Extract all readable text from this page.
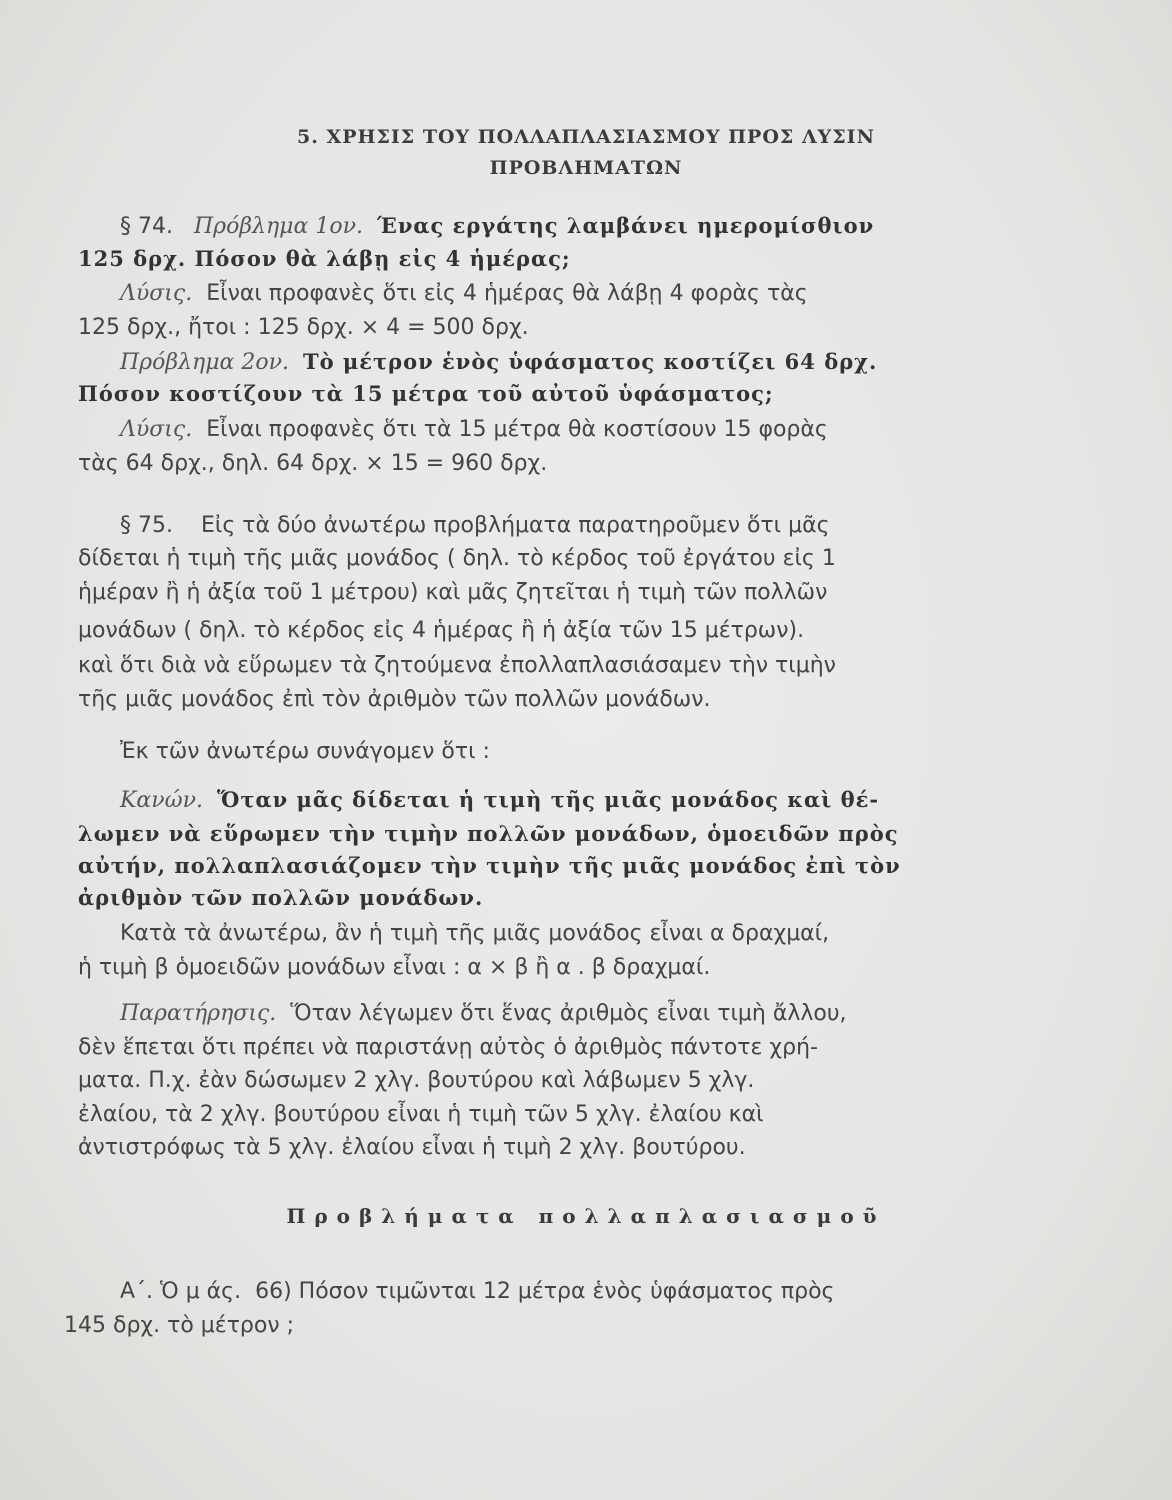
5. ΧΡΗΣΙΣ ΤΟΥ ΠΟΛΛΑΠΛΑΣΙΑΣΜΟΥ ΠΡΟΣ ΛΥΣΙΝ
ΠΡΟΒΛΗΜΑΤΩΝ
§ 74. Πρόβλημα 1ον. Ένας εργάτης λαμβάνει ημερομίσθιον
125 δρχ. Πόσον θὰ λάβῃ εἰς 4 ἡμέρας;
Λύσις. Εἶναι προφανὲς ὅτι εἰς 4 ἡμέρας θὰ λάβῃ 4 φορὰς τὰς
125 δρχ., ἤτοι : 125 δρχ. × 4 = 500 δρχ.
Πρόβλημα 2ον. Τὸ μέτρον ἑνὸς ὑφάσματος κοστίζει 64 δρχ.
Πόσον κοστίζουν τὰ 15 μέτρα τοῦ αὐτοῦ ὑφάσματος;
Λύσις. Εἶναι προφανὲς ὅτι τὰ 15 μέτρα θὰ κοστίσουν 15 φορὰς
τὰς 64 δρχ., δηλ. 64 δρχ. × 15 = 960 δρχ.
§ 75. Εἰς τὰ δύο ἀνωτέρω προβλήματα παρατηροῦμεν ὅτι μᾶς
δίδεται ἡ τιμὴ τῆς μιᾶς μονάδος ( δηλ. τὸ κέρδος τοῦ ἐργάτου εἰς 1
ἡμέραν ἢ ἡ ἀξία τοῦ 1 μέτρου) καὶ μᾶς ζητεῖται ἡ τιμὴ τῶν πολλῶν
μονάδων ( δηλ. τὸ κέρδος εἰς 4 ἡμέρας ἢ ἡ ἀξία τῶν 15 μέτρων).
καὶ ὅτι διὰ νὰ εὕρωμεν τὰ ζητούμενα ἐπολλαπλασιάσαμεν τὴν τιμὴν
τῆς μιᾶς μονάδος ἐπὶ τὸν ἀριθμὸν τῶν πολλῶν μονάδων.
Ἐκ τῶν ἀνωτέρω συνάγομεν ὅτι :
Κανών. Ὅταν μᾶς δίδεται ἡ τιμὴ τῆς μιᾶς μονάδος καὶ θέ-
λωμεν νὰ εὕρωμεν τὴν τιμὴν πολλῶν μονάδων, ὁμοειδῶν πρὸς
αὐτήν, πολλαπλασιάζομεν τὴν τιμὴν τῆς μιᾶς μονάδος ἐπὶ τὸν
ἀριθμὸν τῶν πολλῶν μονάδων.
Κατὰ τὰ ἀνωτέρω, ἂν ἡ τιμὴ τῆς μιᾶς μονάδος εἶναι α δραχμαί,
ἡ τιμὴ β ὁμοειδῶν μονάδων εἶναι : α × β ἢ α . β δραχμαί.
Παρατήρησις. Ὅταν λέγωμεν ὅτι ἕνας ἀριθμὸς εἶναι τιμὴ ἄλλου,
δὲν ἕπεται ὅτι πρέπει νὰ παριστάνῃ αὐτὸς ὁ ἀριθμὸς πάντοτε χρή-
ματα. Π.χ. ἐὰν δώσωμεν 2 χλγ. βουτύρου καὶ λάβωμεν 5 χλγ.
ἐλαίου, τὰ 2 χλγ. βουτύρου εἶναι ἡ τιμὴ τῶν 5 χλγ. ἐλαίου καὶ
ἀντιστρόφως τὰ 5 χλγ. ἐλαίου εἶναι ἡ τιμὴ 2 χλγ. βουτύρου.
Προβλήματα πολλαπλασιασμοῦ
Α΄. Ὁ μ άς. 66) Πόσον τιμῶνται 12 μέτρα ἑνὸς ὑφάσματος πρὸς
145 δρχ. τὸ μέτρον ;
